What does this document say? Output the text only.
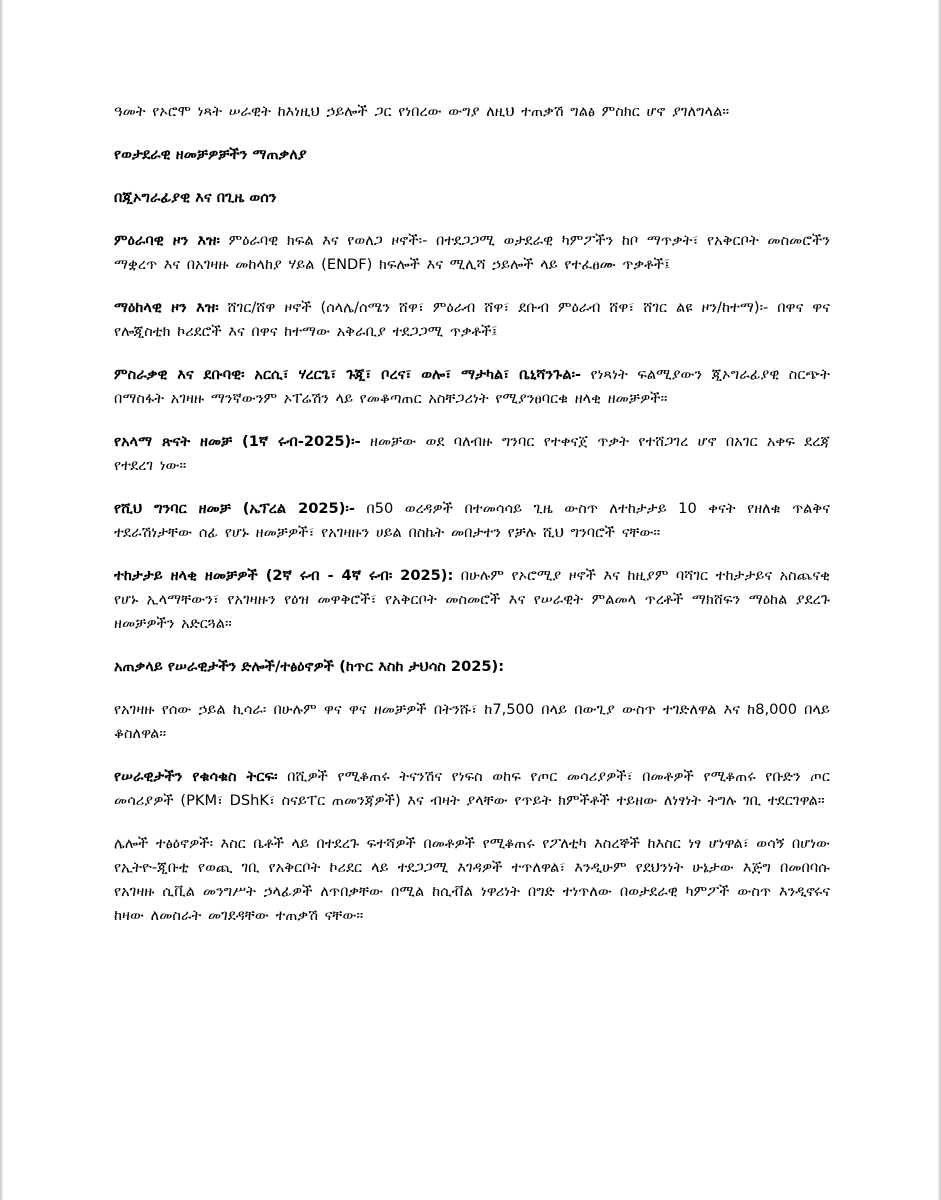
ዓመት የኦሮሞ ነጻት ሠራዊት ከእነዚህ ኃይሎች ጋር የነበረው ውግያ ለዚህ ተጠቃሽ ግልፅ ምስክር ሆኖ ያገለግላል።

የወታደራዊ ዘመቻዎቻችን ማጠቃለያ

በጂኦግራፊያዊ እና በጊዜ ወሰን

ምዕራባዊ ዞን እዝ፡ ምዕራባዊ ክፍል እና የወለጋ ዞኖች፡- በተደጋጋሚ ወታደራዊ ካምፖችን ከቦ ማጥቃት፣ የአቅርቦት መስመሮችን ማቋረጥ እና በአገዛዙ መከላከያ ሃይል (ENDF) ክፍሎች እና ሚሊሻ ኃይሎች ላይ የተፈፀሙ ጥቃቶች፤

ማዕከላዊ ዞን እዝ፡ ሸገር/ሸዋ ዞኖች (ሰላሌ/ሰሜን ሸዋ፣ ምዕራብ ሸዋ፣ ደቡብ ምዕራብ ሸዋ፣ ሸገር ልዩ ዞን/ከተማ)፡- በዋና ዋና የሎጂስቲክ ኮሪደሮች እና በዋና ከተማው አቅራቢያ ተደጋጋሚ ጥቃቶች፤

ምስራቃዊ እና ደቡባዊ፡ አርሲ፣ ሃረርጌ፣ ጉጂ፣ ቦረና፣ ወሎ፣ ማታካል፣ ቤኒሻንጉል፡- የነጻነት ፍልሚያውን ጂኦግራፊያዊ ስርጭት በማስፋት አገዛዙ ማንኛውንም ኦፐሬሽን ላይ የመቆጣጠር አስቸጋሪነት የሚያንፀባርቁ ዘላቂ ዘመቻዎች።

የአላማ ጽናት ዘመቻ (1ኛ ሩብ-2025)፡- ዘመቻው ወደ ባለብዙ ግንባር የተቀናጀ ጥቃት የተሸጋገረ ሆኖ በአገር አቀፍ ደረጃ የተደረገ ነው።

የሺህ ግንባር ዘመቻ (ኤፕረል 2025)፡- በ50 ወረዳዎች በተመሳሳይ ጊዜ ውስጥ ለተከታታይ 10 ቀናት የዘለቁ ጥልቅና ተደራሽነታቸው ሰፊ የሆኑ ዘመቻዎች፣ የአገዛዙን ሀይል በስኬት መበታተን የቻሉ ሺህ ግንባሮች ናቸው።

ተከታታይ ዘላቂ ዘመቻዎች (2ኛ ሩብ - 4ኛ ሩብ፡ 2025): በሁሉም የኦሮሚያ ዞኖች እና ከዚያም ባሻገር ተከታታይና አስጨናቂ የሆኑ ኢላማቸውን፣ የአገዛዙን የዕዝ መዋቅሮች፣ የአቅርቦት መስመሮች እና የሠራዊት ምልመላ ጥረቶች ማክሸፍን ማዕከል ያደረጉ ዘመቻዎችን አድርጓል።

አጠቃላይ የሠራዊታችን ድሎች/ተፅዕኖዎች (ከጥር እስከ ታህሳስ 2025):

የአገዛዙ የሰው ኃይል ኪሳራ፡ በሁሉም ዋና ዋና ዘመቻዎች በትንሹ፣ ከ7,500 በላይ በውጊያ ውስጥ ተገድለዋል እና ከ8,000 በላይ ቆስለዋል።

የሠራዊታችን የቁሳቁስ ትርፍ፡ በሺዎች የሚቆጠሩ ትናንሽና የነፍስ ወከፍ የጦር መሳሪያዎች፣ በመቶዎች የሚቆጠሩ የቡድን ጦር መሳሪያዎች (PKM፣ DShK፣ ስናይፐር ጠመንጃዎች) እና ብዛት ያላቸው የጥይት ክምችቶች ተይዘው ለነፃነት ትግሉ ገቢ ተደርገዋል።

ሌሎች ተፅዕኖዎች፡ እስር ቤቶች ላይ በተደረጉ ፍተሻዎች በመቶዎች የሚቆጠሩ የፖለቲካ እስረኞች ከእስር ነፃ ሆነዋል፣ ወሳኝ በሆነው የኢትዮ-ጂቡቲ የወጪ ገቢ የአቅርቦት ኮሪደር ላይ ተደጋጋሚ እገዳዎች ተጥለዋል፣ እንዲሁም የደህንነት ሁኔታው እጅግ በመበባሱ የአገዛዙ ሲቪል መንግሥት ኃላፊዎች ለጥበቃቸው በሚል ከሲቭል ነዋሪነት በግድ ተነጥለው በወታደራዊ ካምፖች ውስጥ እንዲኖሩና ከዛው ለመስራት መገደዳቸው ተጠቃሽ ናቸው።
